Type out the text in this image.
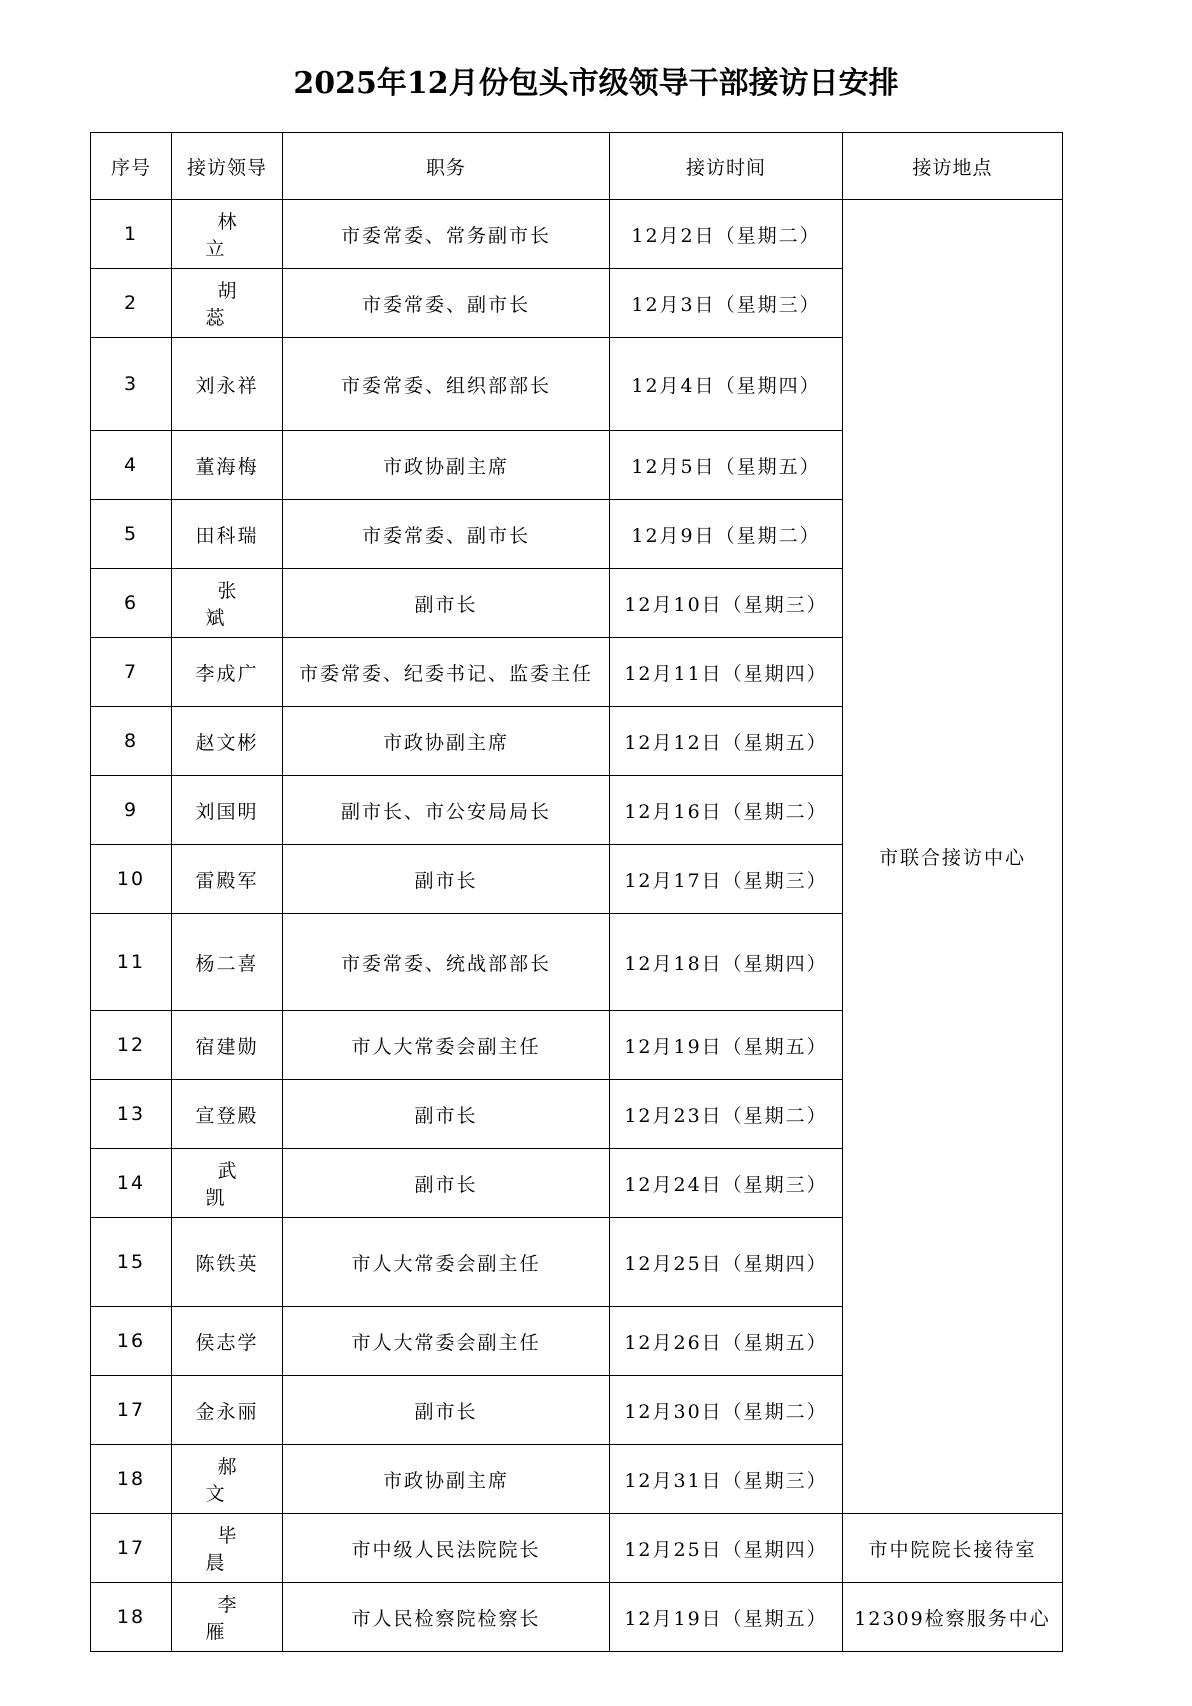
2025年12月份包头市级领导干部接访日安排
序号	接访领导	职务	接访时间	接访地点
1	林 立	市委常委、常务副市长	12月2日（星期二）	市联合接访中心
2	胡 蕊	市委常委、副市长	12月3日（星期三）	
3	刘永祥	市委常委、组织部部长	12月4日（星期四）	
4	董海梅	市政协副主席	12月5日（星期五）	
5	田科瑞	市委常委、副市长	12月9日（星期二）	
6	张 斌	副市长	12月10日（星期三）	
7	李成广	市委常委、纪委书记、监委主任	12月11日（星期四）	
8	赵文彬	市政协副主席	12月12日（星期五）	
9	刘国明	副市长、市公安局局长	12月16日（星期二）	
10	雷殿军	副市长	12月17日（星期三）	
11	杨二喜	市委常委、统战部部长	12月18日（星期四）	
12	宿建勋	市人大常委会副主任	12月19日（星期五）	
13	宣登殿	副市长	12月23日（星期二）	
14	武 凯	副市长	12月24日（星期三）	
15	陈铁英	市人大常委会副主任	12月25日（星期四）	
16	侯志学	市人大常委会副主任	12月26日（星期五）	
17	金永丽	副市长	12月30日（星期二）	
18	郝 文	市政协副主席	12月31日（星期三）	
17	毕 晨	市中级人民法院院长	12月25日（星期四）	市中院院长接待室
18	李 雁	市人民检察院检察长	12月19日（星期五）	12309检察服务中心
